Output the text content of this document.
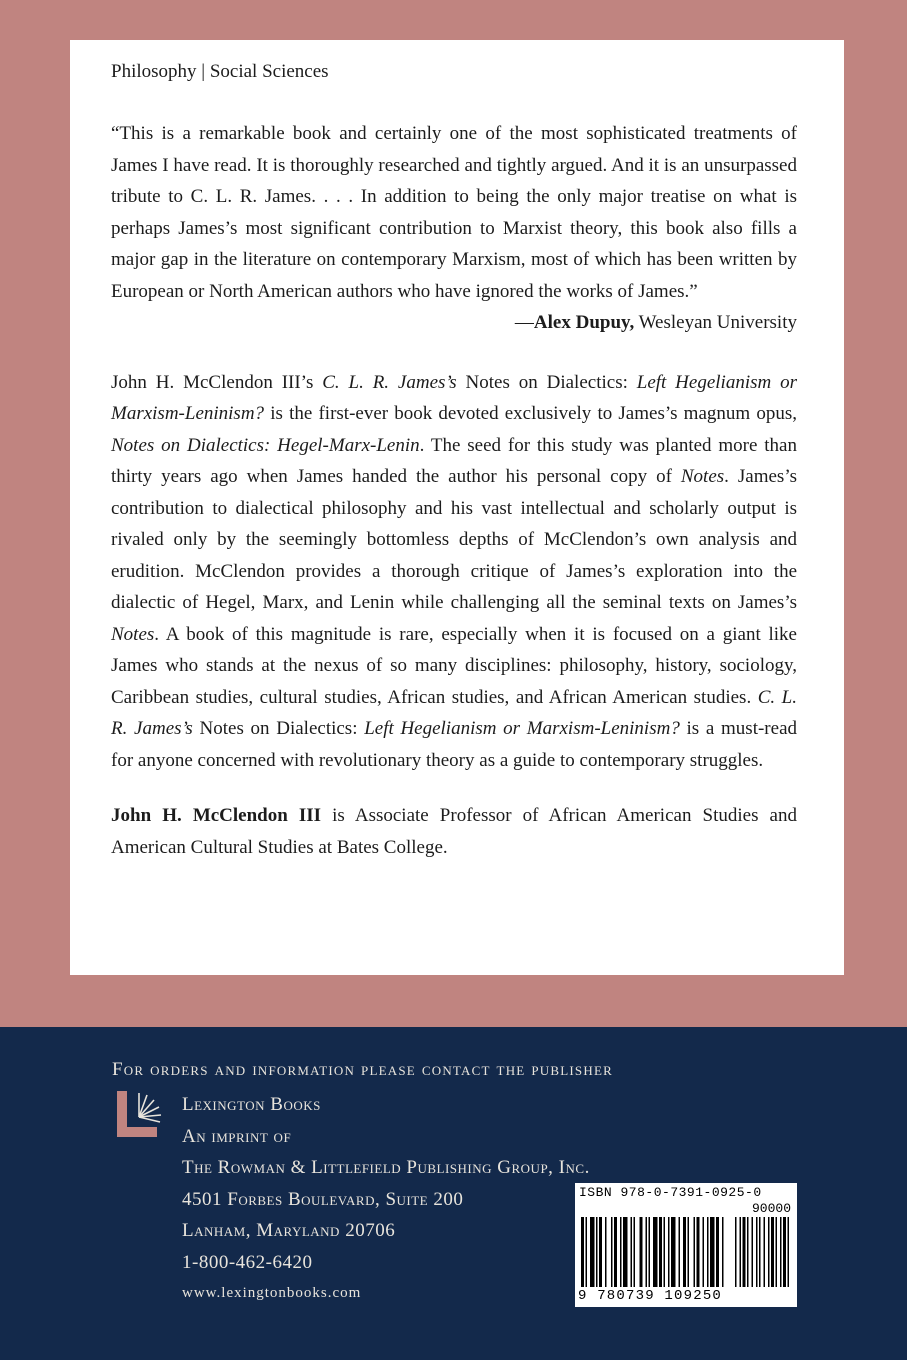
Philosophy | Social Sciences

“This is a remarkable book and certainly one of the most sophisticated treatments of James I have read. It is thoroughly researched and tightly argued. And it is an unsurpassed tribute to C. L. R. James. . . . In addition to being the only major treatise on what is perhaps James’s most significant contribution to Marxist theory, this book also fills a major gap in the literature on contemporary Marxism, most of which has been written by European or North American authors who have ignored the works of James.”

—Alex Dupuy, Wesleyan University

John H. McClendon III’s C. L. R. James’s Notes on Dialectics: Left Hegelianism or Marxism-Leninism? is the first-ever book devoted exclusively to James’s magnum opus, Notes on Dialectics: Hegel-Marx-Lenin. The seed for this study was planted more than thirty years ago when James handed the author his personal copy of Notes. James’s contribution to dialectical philosophy and his vast intellectual and scholarly output is rivaled only by the seemingly bottomless depths of McClendon’s own analysis and erudition. McClendon provides a thorough critique of James’s exploration into the dialectic of Hegel, Marx, and Lenin while challenging all the seminal texts on James’s Notes. A book of this magnitude is rare, especially when it is focused on a giant like James who stands at the nexus of so many disciplines: philosophy, history, sociology, Caribbean studies, cultural studies, African studies, and African American studies. C. L. R. James’s Notes on Dialectics: Left Hegelianism or Marxism-Leninism? is a must-read for anyone concerned with revolutionary theory as a guide to contemporary struggles.

John H. McClendon III is Associate Professor of African American Studies and American Cultural Studies at Bates College.

For orders and information please contact the publisher
Lexington Books
An imprint of
The Rowman & Littlefield Publishing Group, Inc.
4501 Forbes Boulevard, Suite 200
Lanham, Maryland 20706
1-800-462-6420
www.lexingtonbooks.com
ISBN 978-0-7391-0925-0
90000
9 780739 109250
